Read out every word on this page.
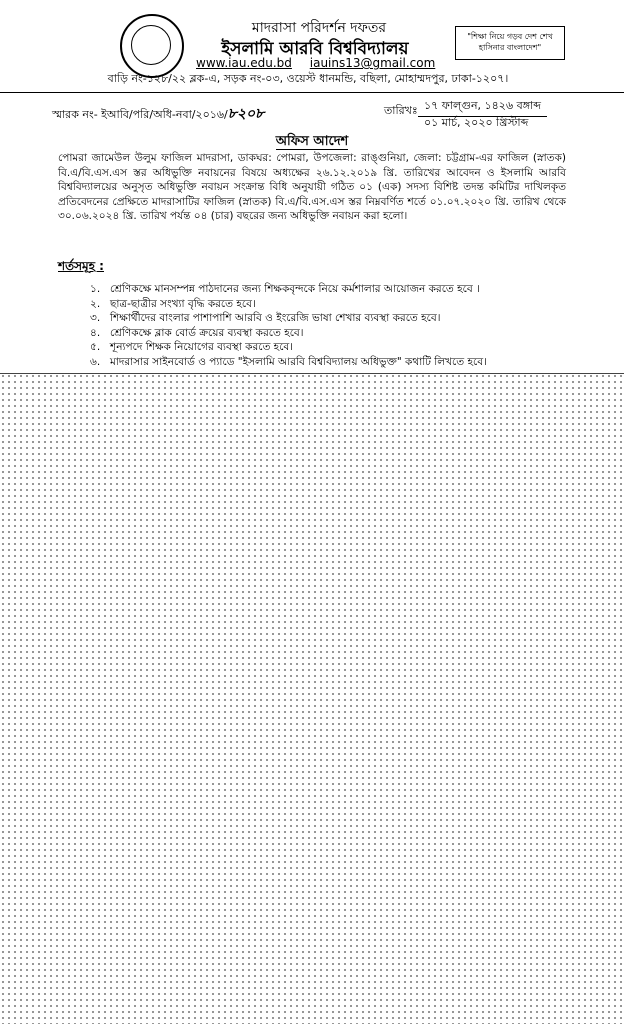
মাদরাসা পরিদর্শন দফতর
ইসলামি আরবি বিশ্ববিদ্যালয়
www.iau.edu.bd iauins13@gmail.com
বাড়ি নং-১২৮/২২ ব্লক-এ, সড়ক নং-০৩, ওয়েস্ট ধানমন্ডি, বছিলা, মোহাম্মদপুর, ঢাকা-১২০৭।
"শিক্ষা নিয়ে গড়ব দেশ শেখ হাসিনার বাংলাদেশ"
স্মারক নং- ইআবি/পরি/অধি-নবা/২০১৬/৮২০৮	তারিখঃ ১৭ ফাল্গুন, ১৪২৬ বঙ্গাব্দ
০১ মার্চ, ২০২০ খ্রিস্টাব্দ
অফিস আদেশ
পোমরা জামেউল উলুম ফাজিল মাদরাসা, ডাকঘর: পোমরা, উপজেলা: রাঙ্গুনিয়া, জেলা: চট্টগ্রাম-এর ফাজিল (স্নাতক) বি.এ/বি.এস.এস স্তর অধিভুক্তি নবায়নের বিষয়ে অধ্যক্ষের ২৬.১২.২০১৯ খ্রি. তারিখের আবেদন ও ইসলামি আরবি বিশ্ববিদ্যালয়ের অনুসৃত অধিভুক্তি নবায়ন সংক্রান্ত বিধি অনুযায়ী গঠিত ০১ (এক) সদস্য বিশিষ্ট তদন্ত কমিটির দাখিলকৃত প্রতিবেদনের প্রেক্ষিতে মাদরাসাটির ফাজিল (স্নাতক) বি.এ/বি.এস.এস স্তর নিম্নবর্ণিত শর্তে ০১.০৭.২০২০ খ্রি. তারিখ থেকে ৩০.০৬.২০২৪ খ্রি. তারিখ পর্যন্ত ০৪ (চার) বছরের জন্য অধিভুক্তি নবায়ন করা হলো।
শর্তসমূহ :
১. শ্রেণিকক্ষে মানসম্পন্ন পাঠদানের জন্য শিক্ষকবৃন্দকে নিয়ে কর্মশালার আয়োজন করতে হবে ।
২. ছাত্র-ছাত্রীর সংখ্যা বৃদ্ধি করতে হবে।
৩. শিক্ষার্থীদের বাংলার পাশাপাশি আরবি ও ইংরেজি ভাষা শেখার ব্যবস্থা করতে হবে।
৪. শ্রেণিকক্ষে ব্লাক বোর্ড ক্রয়ের ব্যবস্থা করতে হবে।
৫. শূন্যপদে শিক্ষক নিয়োগের ব্যবস্থা করতে হবে।
৬. মাদরাসার সাইনবোর্ড ও প্যাডে "ইসলামি আরবি বিশ্ববিদ্যালয় অধিভুক্ত" কথাটি লিখতে হবে।
